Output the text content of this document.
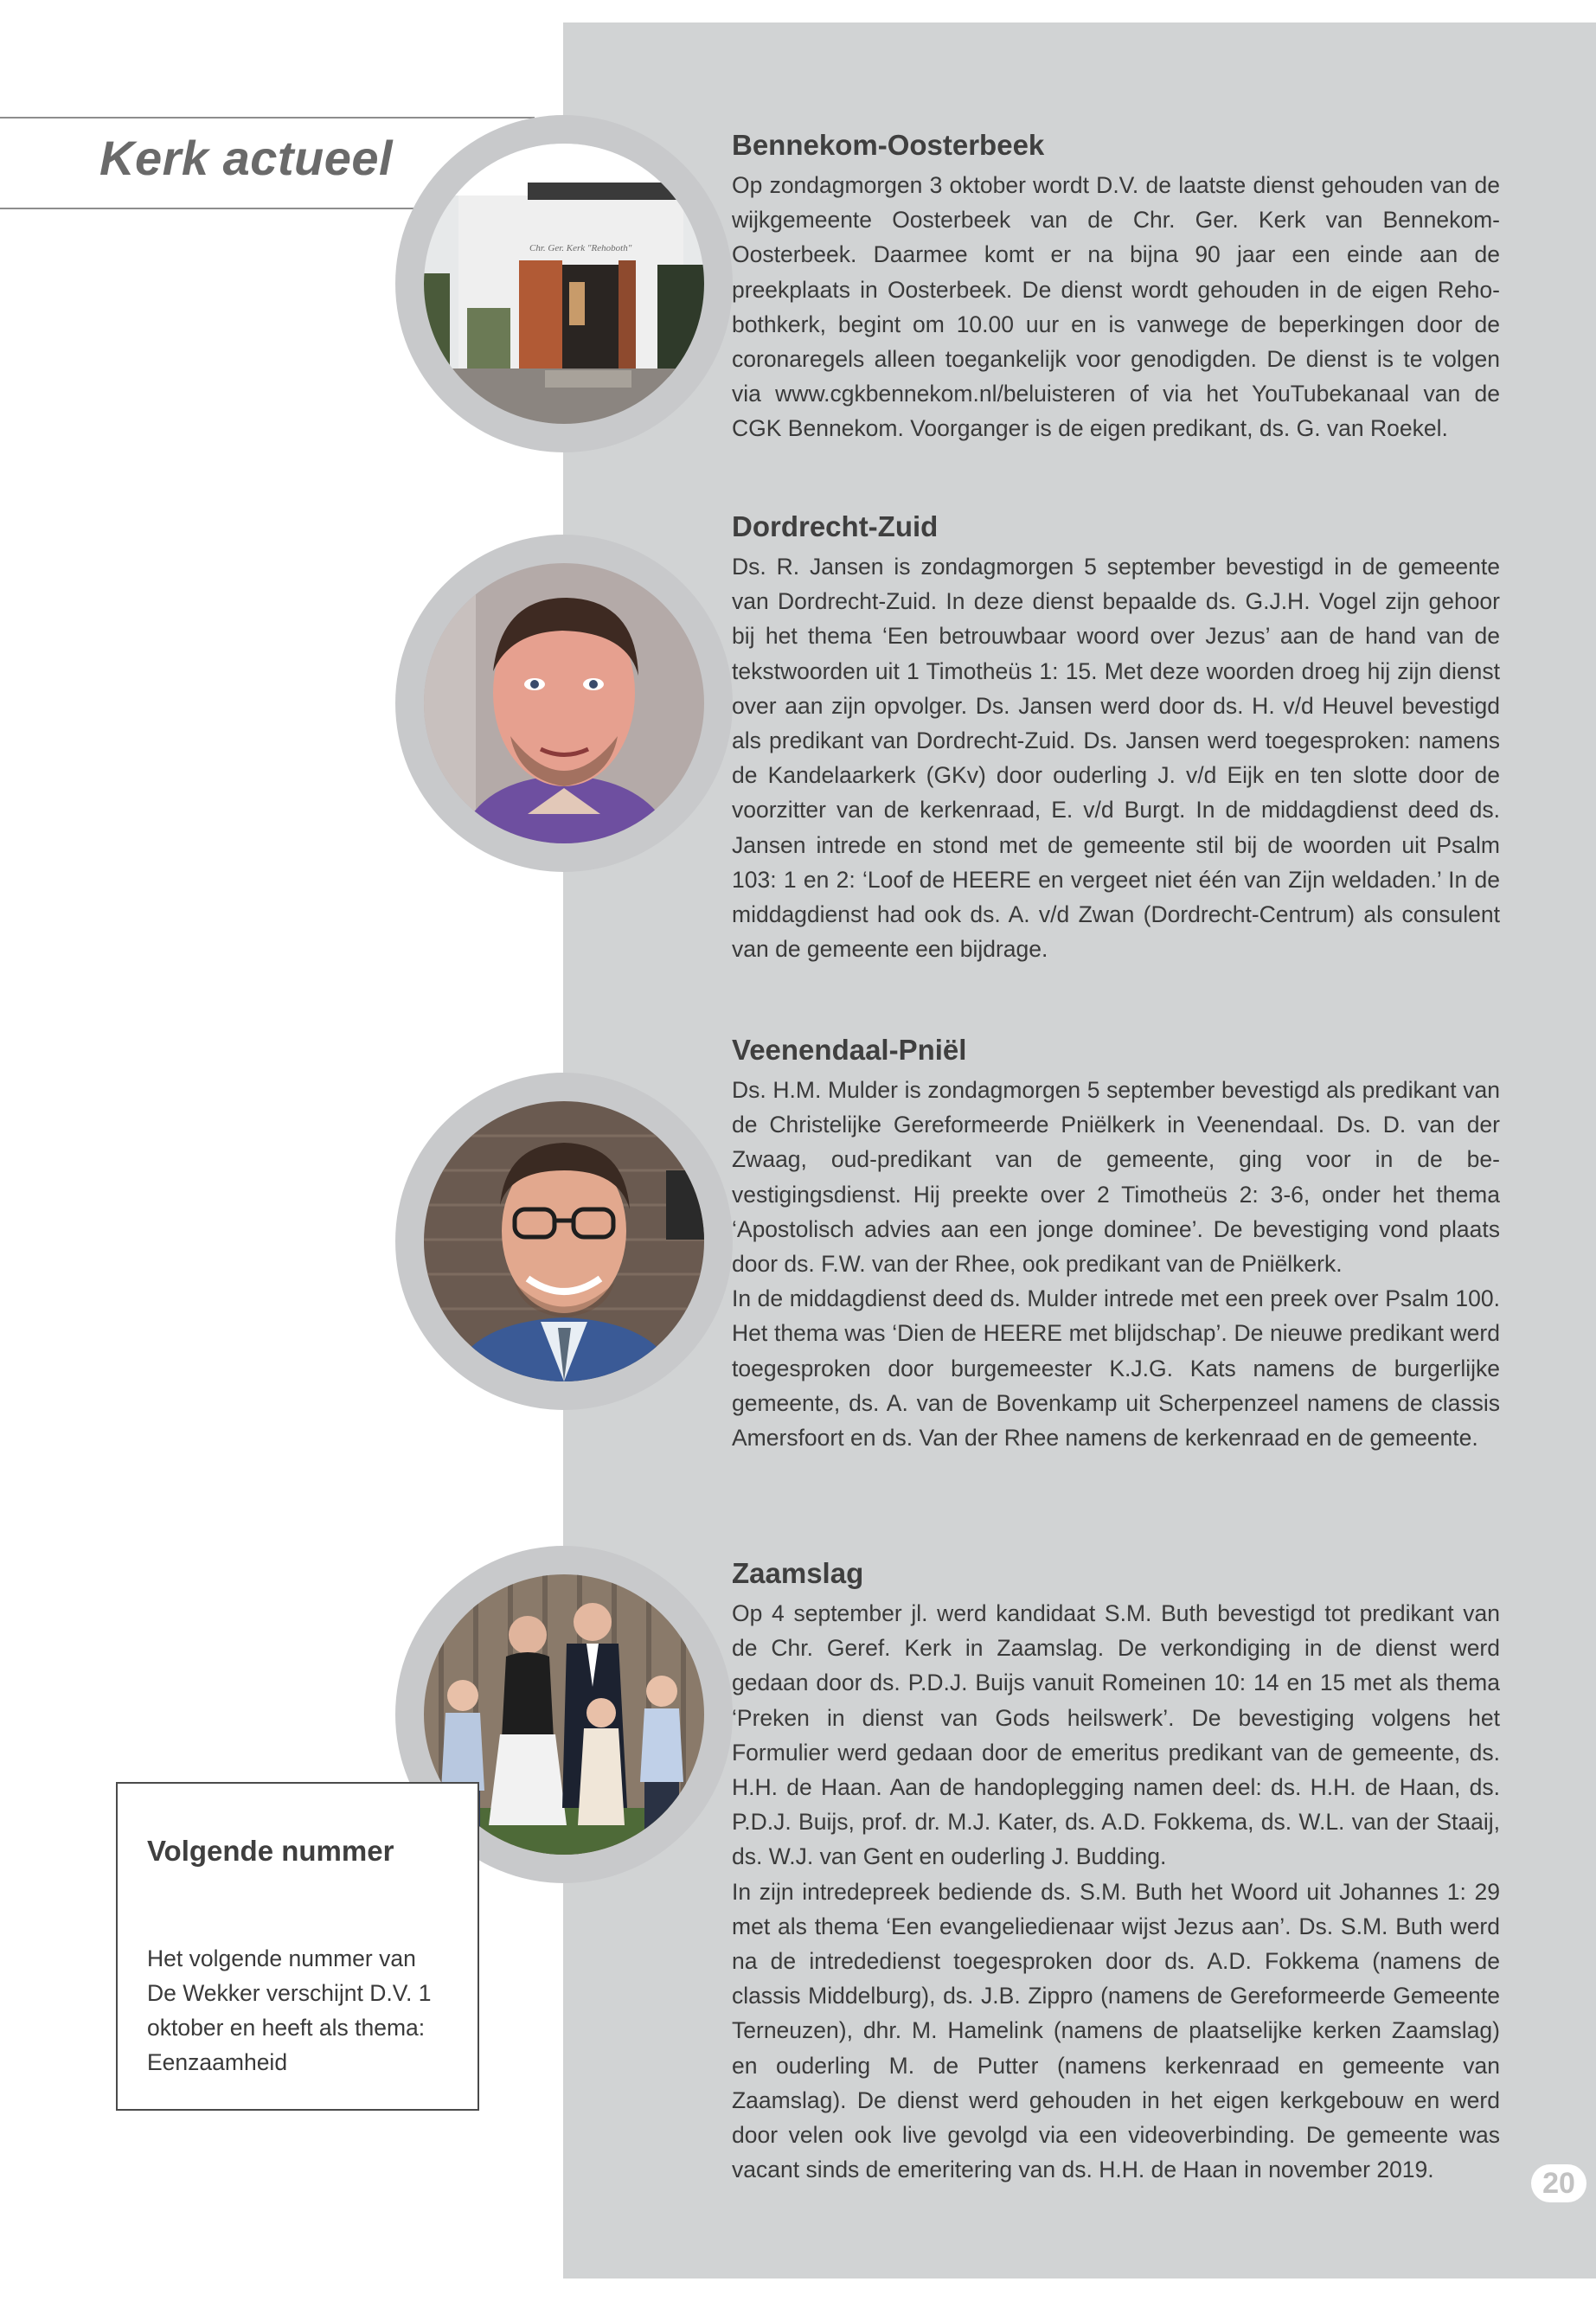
Kerk actueel
Chr. Ger. Kerk "Rehoboth"
Bennekom-Oosterbeek

Op zondagmorgen 3 oktober wordt D.V. de laatste dienst gehouden van de wijkgemeente Oosterbeek van de Chr. Ger. Kerk van Bennekom-Oosterbeek. Daarmee komt er na bijna 90 jaar een einde aan de preekplaats in Oosterbeek. De dienst wordt gehouden in de eigen Rehobothkerk, begint om 10.00 uur en is vanwege de beperkingen door de coronaregels alleen toegankelijk voor genodigden. De dienst is te volgen via www.cgkbennekom.nl/beluisteren of via het YouTubekanaal van de CGK Bennekom. Voorganger is de eigen predikant, ds. G. van Roekel.

Dordrecht-Zuid

Ds. R. Jansen is zondagmorgen 5 september bevestigd in de gemeente van Dordrecht-Zuid. In deze dienst bepaalde ds. G.J.H. Vogel zijn gehoor bij het thema ‘Een betrouwbaar woord over Jezus’ aan de hand van de tekstwoorden uit 1 Timotheüs 1: 15. Met deze woorden droeg hij zijn dienst over aan zijn opvolger. Ds. Jansen werd door ds. H. v/d Heuvel bevestigd als predikant van Dordrecht-Zuid. Ds. Jansen werd toegesproken: namens de Kandelaarkerk (GKv) door ouderling J. v/d Eijk en ten slotte door de voorzitter van de kerkenraad, E. v/d Burgt. In de middagdienst deed ds. Jansen intrede en stond met de gemeente stil bij de woorden uit Psalm 103: 1 en 2: ‘Loof de HEERE en vergeet niet één van Zijn weldaden.’ In de middagdienst had ook ds. A. v/d Zwan (Dordrecht-Centrum) als consulent van de gemeente een bijdrage.

Veenendaal-Pniël

Ds. H.M. Mulder is zondagmorgen 5 september bevestigd als predikant van de Christelijke Gereformeerde Pniëlkerk in Veenendaal. Ds. D. van der Zwaag, oud-predikant van de gemeente, ging voor in de bevestigingsdienst. Hij preekte over 2 Timotheüs 2: 3-6, onder het thema ‘Apostolisch advies aan een jonge dominee’. De bevestiging vond plaats door ds. F.W. van der Rhee, ook predikant van de Pniëlkerk.

In de middagdienst deed ds. Mulder intrede met een preek over Psalm 100. Het thema was ‘Dien de HEERE met blijdschap’. De nieuwe predikant werd toegesproken door burgemeester K.J.G. Kats namens de burgerlijke gemeente, ds. A. van de Bovenkamp uit Scherpenzeel namens de classis Amersfoort en ds. Van der Rhee namens de kerkenraad en de gemeente.

Zaamslag

Op 4 september jl. werd kandidaat S.M. Buth bevestigd tot predikant van de Chr. Geref. Kerk in Zaamslag. De verkondiging in de dienst werd gedaan door ds. P.D.J. Buijs vanuit Romeinen 10: 14 en 15 met als thema ‘Preken in dienst van Gods heilswerk’. De bevestiging volgens het Formulier werd gedaan door de emeritus predikant van de gemeente, ds. H.H. de Haan. Aan de handoplegging namen deel: ds. H.H. de Haan, ds. P.D.J. Buijs, prof. dr. M.J. Kater, ds. A.D. Fokkema, ds. W.L. van der Staaij, ds. W.J. van Gent en ouderling J. Budding.

In zijn intredepreek bediende ds. S.M. Buth het Woord uit Johannes 1: 29 met als thema ‘Een evangeliedienaar wijst Jezus aan’. Ds. S.M. Buth werd na de intrededienst toegesproken door ds. A.D. Fokkema (namens de classis Middelburg), ds. J.B. Zippro (namens de Gereformeerde Gemeente Terneuzen), dhr. M. Hamelink (namens de plaatselijke kerken Zaamslag) en ouderling M. de Putter (namens kerkenraad en gemeente van Zaamslag). De dienst werd gehouden in het eigen kerkgebouw en werd door velen ook live gevolgd via een videoverbinding. De gemeente was vacant sinds de emeritering van ds. H.H. de Haan in november 2019.

Volgende nummer

Het volgende nummer van De Wekker verschijnt D.V. 1 oktober en heeft als thema: Eenzaamheid

20
